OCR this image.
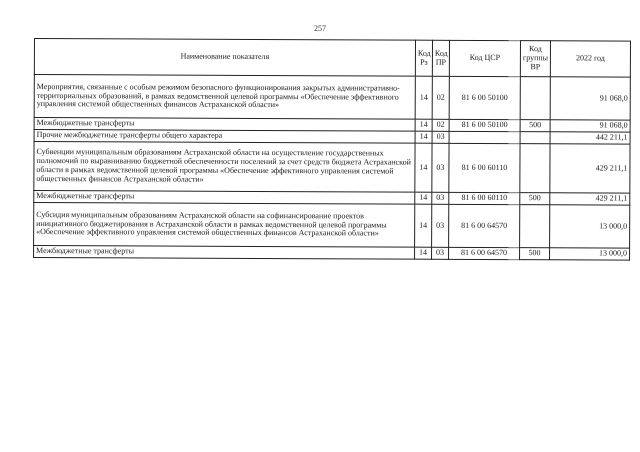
257
Наименование показателя	Код Рз	Код ПР	Код ЦСР	Код группы ВР	2022 год
Мероприятия, связанные с особым режимом безопасного функционирования закрытых административно-территориальных образований, в рамках ведомственной целевой программы «Обеспечение эффективного управления системой общественных финансов Астраханской области»	14	02	81 6 00 50100		91 068,0
Межбюджетные трансферты	14	02	81 6 00 50100	500	91 068,0
Прочие межбюджетные трансферты общего характера	14	03			442 211,1
Субвенции муниципальным образованиям Астраханской области на осуществление государственных полномочий по выравниванию бюджетной обеспеченности поселений за счет средств бюджета Астраханской области в рамках ведомственной целевой программы «Обеспечение эффективного управления системой общественных финансов Астраханской области»	14	03	81 6 00 60110		429 211,1
Межбюджетные трансферты	14	03	81 6 00 60110	500	429 211,1
Субсидия муниципальным образованиям Астраханской области на софинансирование проектов инициативного бюджетирования в Астраханской области в рамках ведомственной целевой программы «Обеспечение эффективного управления системой общественных финансов Астраханской области»	14	03	81 6 00 64570		13 000,0
Межбюджетные трансферты	14	03	81 6 00 64570	500	13 000,0
